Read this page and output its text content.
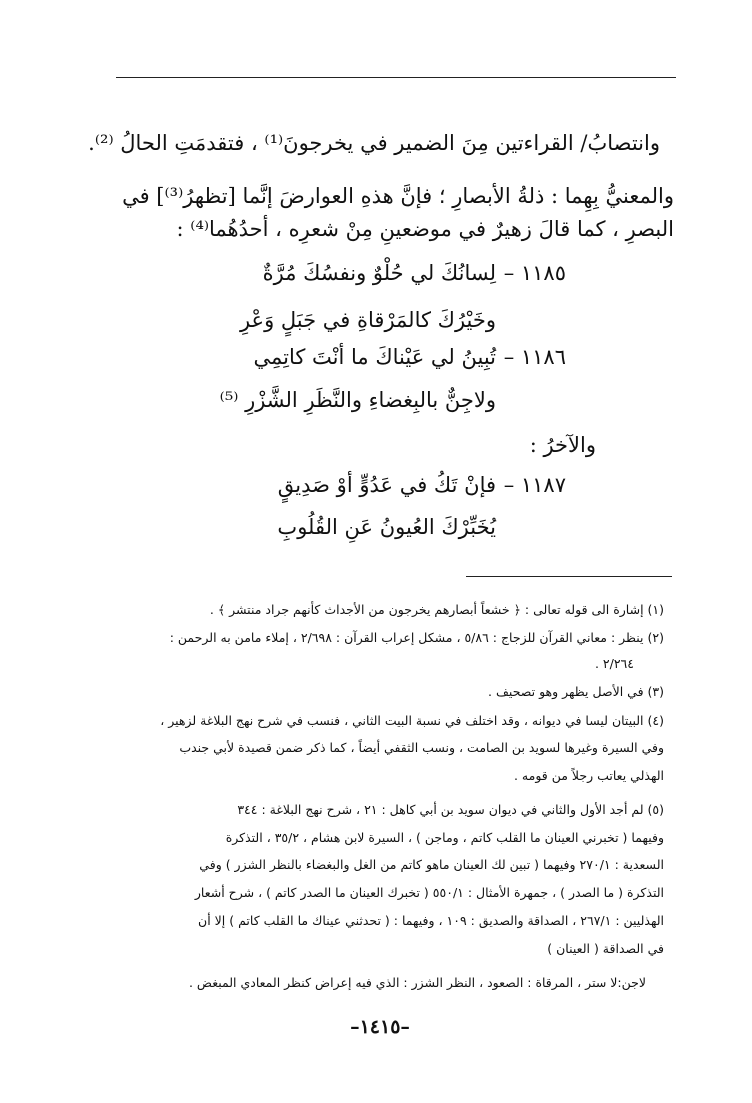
وانتصابُ/ القراءتين مِنَ الضمير في يخرجونَ⁽¹⁾ ، فتقدمَتِ الحالُ ⁽²⁾.
والمعنيُّ بِهِما : ذلةُ الأبصارِ ؛ فإنَّ هذهِ العوارضَ إنَّما [تظهرُ⁽³⁾] في
البصرِ ، كما قالَ زهيرٌ في موضعينِ مِنْ شعرِه ، أحدُهُما⁽⁴⁾ :
١١٨٥ –
لِسانُكَ لي حُلْوٌ ونفسُكَ مُرَّةٌ
وخَيْرُكَ كالمَرْقاةِ في جَبَلٍ وَعْرِ
١١٨٦ –
تُبِينُ لي عَيْناكَ ما أنْتَ كاتِمِي
ولاجِنٌّ بالبِغضاءِ والنَّظَرِ الشَّزْرِ ⁽⁵⁾
والآخرُ :
١١٨٧ –
فإنْ تَكُ في عَدُوٍّ أوْ صَدِيقٍ
يُخَبِّرْكَ العُيونُ عَنِ القُلُوبِ
(١) إشارة الى قوله تعالى : ﴿ خشعاً أبصارهم يخرجون من الأجداث كأنهم جراد منتشر ﴾ .
(٢) ينظر : معاني القرآن للزجاج : ٥/٨٦ ، مشكل إعراب القرآن : ٢/٦٩٨ ، إملاء مامن به الرحمن :
٢/٢٦٤ .
(٣) في الأصل يظهر وهو تصحيف .
(٤) البيتان ليسا في ديوانه ، وقد اختلف في نسبة البيت الثاني ، فنسب في شرح نهج البلاغة لزهير ،
وفي السيرة وغيرها لسويد بن الصامت ، ونسب الثقفي أيضاً ، كما ذكر ضمن قصيدة لأبي جندب
الهذلي يعاتب رجلاً من قومه .
(٥) لم أجد الأول والثاني في ديوان سويد بن أبي كاهل : ٢١ ، شرح نهج البلاغة : ٣٤٤
وفيهما ( تخبرني العينان ما القلب كاتم ، وماجن ) ، السيرة لابن هشام ، ٣٥/٢ ، التذكرة
السعدية : ٢٧٠/١ وفيهما ( تبين لك العينان ماهو كاتم من الغل والبغضاء بالنظر الشزر ) وفي
التذكرة ( ما الصدر ) ، جمهرة الأمثال : ٥٥٠/١ ( تخبرك العينان ما الصدر كاتم ) ، شرح أشعار
الهذليين : ٢٦٧/١ ، الصداقة والصديق : ١٠٩ ، وفيهما : ( تحدثني عيناك ما القلب كاتم ) إلا أن
في الصداقة ( العينان )
لاجن:لا ستر ، المرقاة : الصعود ، النظر الشزر : الذي فيه إعراض كنظر المعادي المبغض .
–١٤١٥–
